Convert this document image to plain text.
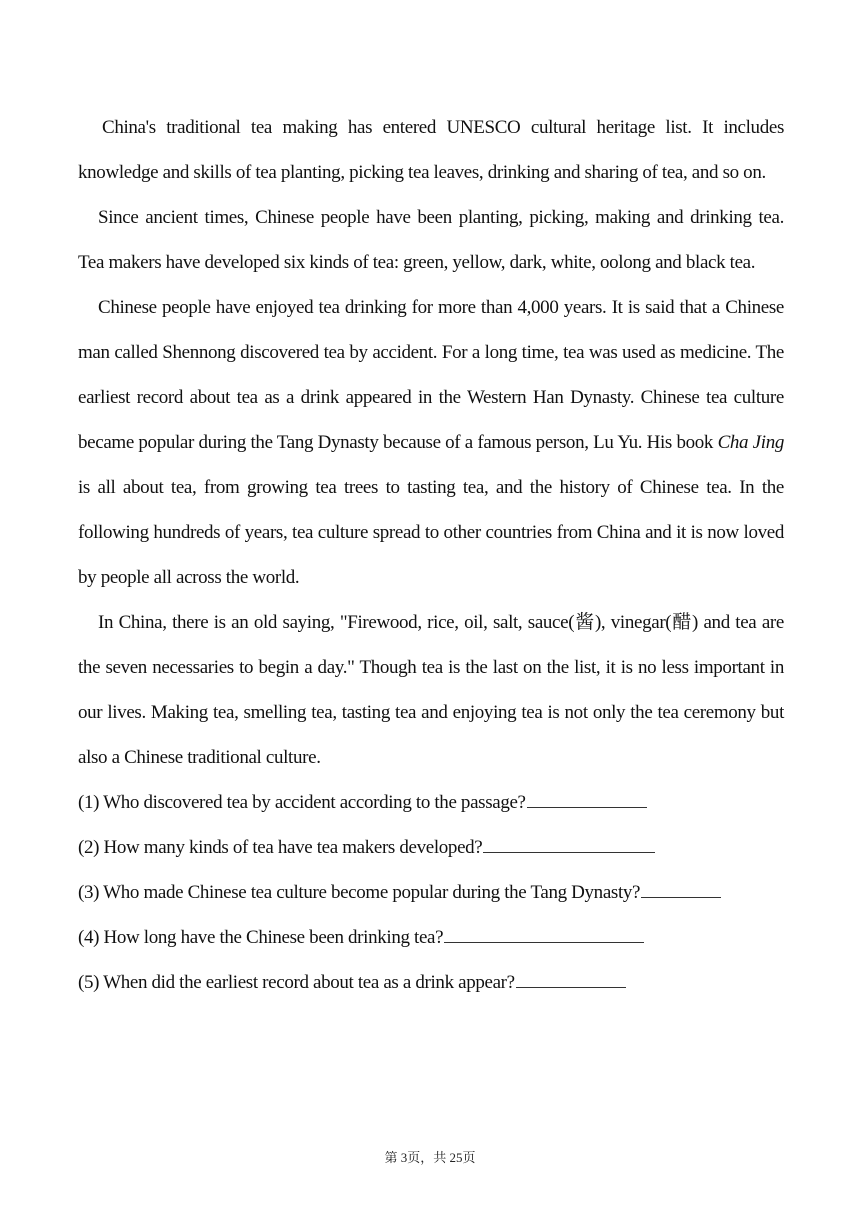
China's traditional tea making has entered UNESCO cultural heritage list. It includes knowledge and skills of tea planting, picking tea leaves, drinking and sharing of tea, and so on.

Since ancient times, Chinese people have been planting, picking, making and drinking tea. Tea makers have developed six kinds of tea: green, yellow, dark, white, oolong and black tea.

Chinese people have enjoyed tea drinking for more than 4,000 years. It is said that a Chinese man called Shennong discovered tea by accident. For a long time, tea was used as medicine. The earliest record about tea as a drink appeared in the Western Han Dynasty. Chinese tea culture became popular during the Tang Dynasty because of a famous person, Lu Yu. His book Cha Jing is all about tea, from growing tea trees to tasting tea, and the history of Chinese tea. In the following hundreds of years, tea culture spread to other countries from China and it is now loved by people all across the world.

In China, there is an old saying, "Firewood, rice, oil, salt, sauce(酱), vinegar(醋) and tea are the seven necessaries to begin a day." Though tea is the last on the list, it is no less important in our lives. Making tea, smelling tea, tasting tea and enjoying tea is not only the tea ceremony but also a Chinese traditional culture.

(1) Who discovered tea by accident according to the passage?

(2) How many kinds of tea have tea makers developed?

(3) Who made Chinese tea culture become popular during the Tang Dynasty?

(4) How long have the Chinese been drinking tea?

(5) When did the earliest record about tea as a drink appear?

第 3页，共 25页
